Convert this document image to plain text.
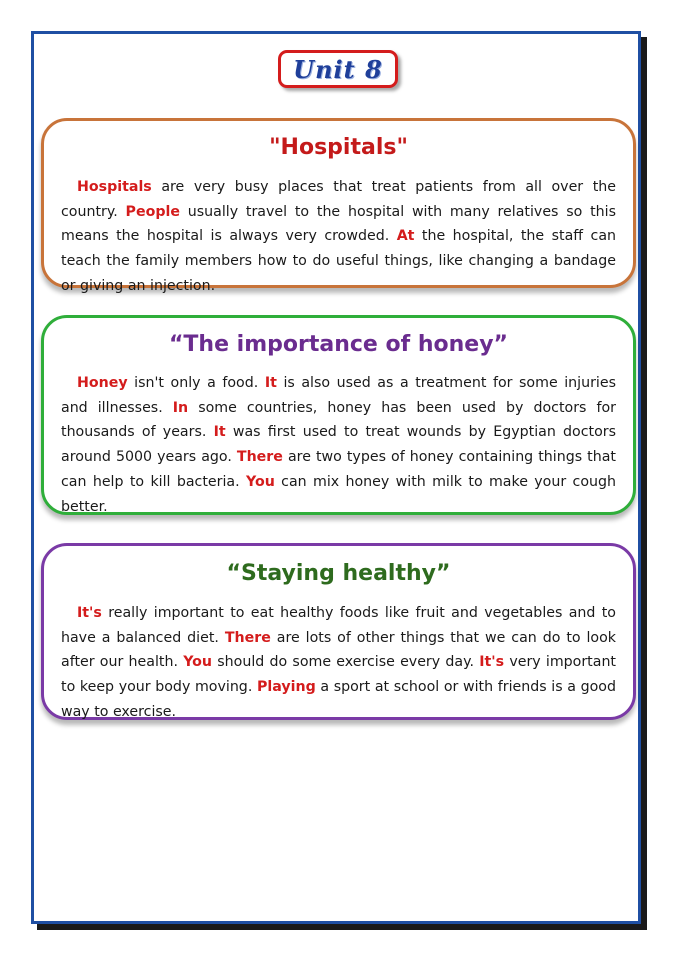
Unit 8
"Hospitals"

Hospitals are very busy places that treat patients from all over the country. People usually travel to the hospital with many relatives so this means the hospital is always very crowded. At the hospital, the staff can teach the family members how to do useful things, like changing a bandage or giving an injection.

“The importance of honey”

Honey isn't only a food. It is also used as a treatment for some injuries and illnesses. In some countries, honey has been used by doctors for thousands of years. It was first used to treat wounds by Egyptian doctors around 5000 years ago. There are two types of honey containing things that can help to kill bacteria. You can mix honey with milk to make your cough better.

“Staying healthy”

It's really important to eat healthy foods like fruit and vegetables and to have a balanced diet. There are lots of other things that we can do to look after our health. You should do some exercise every day. It's very important to keep your body moving. Playing a sport at school or with friends is a good way to exercise.
